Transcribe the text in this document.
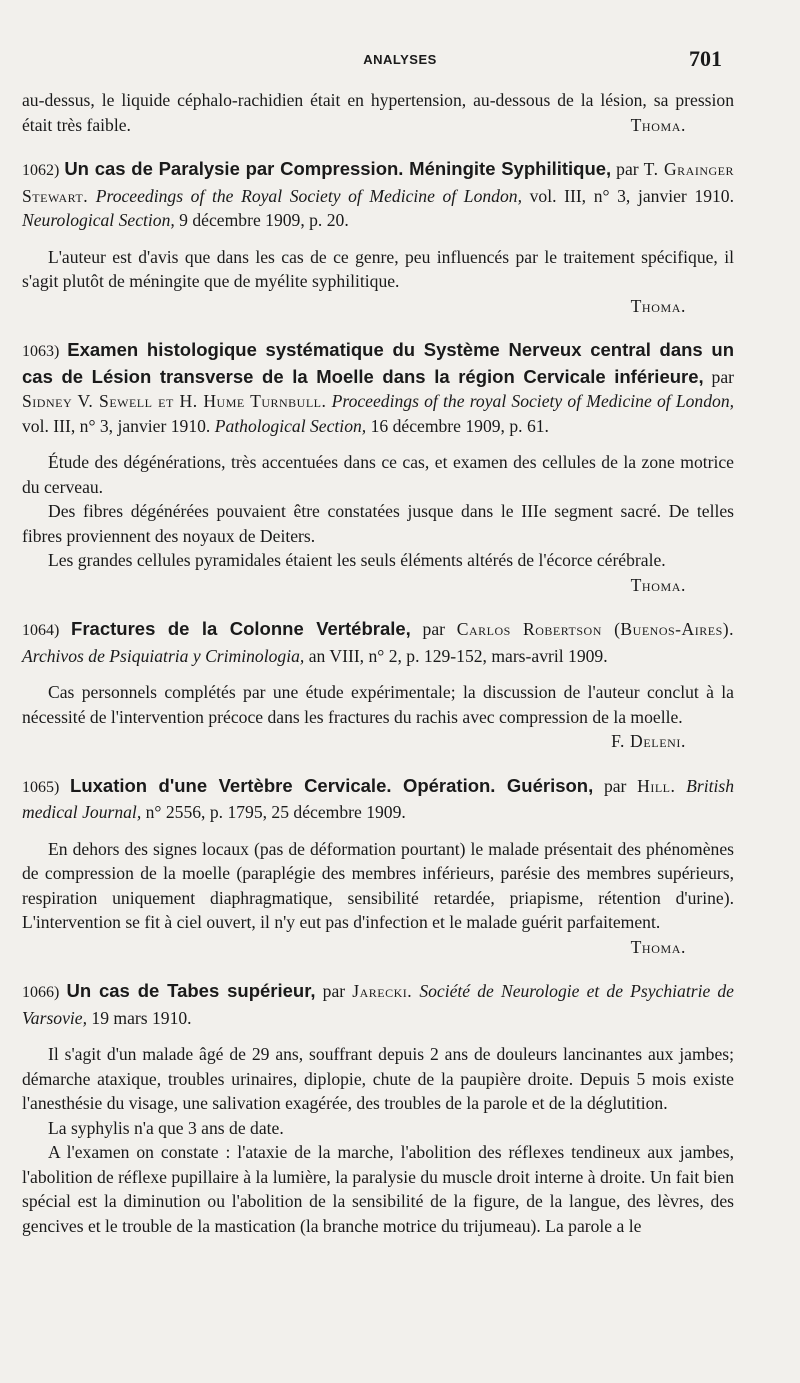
ANALYSES	701

au-dessus, le liquide céphalo-rachidien était en hypertension, au-dessous de la lésion, sa pression était très faible.	Thoma.

1062) Un cas de Paralysie par Compression. Méningite Syphilitique, par T. Grainger Stewart. Proceedings of the Royal Society of Medicine of London, vol. III, n° 3, janvier 1910. Neurological Section, 9 décembre 1909, p. 20.

L'auteur est d'avis que dans les cas de ce genre, peu influencés par le traitement spécifique, il s'agit plutôt de méningite que de myélite syphilitique.

Thoma.

1063) Examen histologique systématique du Système Nerveux central dans un cas de Lésion transverse de la Moelle dans la région Cervicale inférieure, par Sidney V. Sewell et H. Hume Turnbull. Proceedings of the royal Society of Medicine of London, vol. III, n° 3, janvier 1910. Pathological Section, 16 décembre 1909, p. 61.

Étude des dégénérations, très accentuées dans ce cas, et examen des cellules de la zone motrice du cerveau.

Des fibres dégénérées pouvaient être constatées jusque dans le IIIe segment sacré. De telles fibres proviennent des noyaux de Deiters.

Les grandes cellules pyramidales étaient les seuls éléments altérés de l'écorce cérébrale.

Thoma.

1064) Fractures de la Colonne Vertébrale, par Carlos Robertson (Buenos-Aires). Archivos de Psiquiatria y Criminologia, an VIII, n° 2, p. 129-152, mars-avril 1909.

Cas personnels complétés par une étude expérimentale; la discussion de l'auteur conclut à la nécessité de l'intervention précoce dans les fractures du rachis avec compression de la moelle.

F. Deleni.

1065) Luxation d'une Vertèbre Cervicale. Opération. Guérison, par Hill. British medical Journal, n° 2556, p. 1795, 25 décembre 1909.

En dehors des signes locaux (pas de déformation pourtant) le malade présentait des phénomènes de compression de la moelle (paraplégie des membres inférieurs, parésie des membres supérieurs, respiration uniquement diaphragmatique, sensibilité retardée, priapisme, rétention d'urine). L'intervention se fit à ciel ouvert, il n'y eut pas d'infection et le malade guérit parfaitement.

Thoma.

1066) Un cas de Tabes supérieur, par Jarecki. Société de Neurologie et de Psychiatrie de Varsovie, 19 mars 1910.

Il s'agit d'un malade âgé de 29 ans, souffrant depuis 2 ans de douleurs lancinantes aux jambes; démarche ataxique, troubles urinaires, diplopie, chute de la paupière droite. Depuis 5 mois existe l'anesthésie du visage, une salivation exagérée, des troubles de la parole et de la déglutition.

La syphylis n'a que 3 ans de date.

A l'examen on constate : l'ataxie de la marche, l'abolition des réflexes tendineux aux jambes, l'abolition de réflexe pupillaire à la lumière, la paralysie du muscle droit interne à droite. Un fait bien spécial est la diminution ou l'abolition de la sensibilité de la figure, de la langue, des lèvres, des gencives et le trouble de la mastication (la branche motrice du trijumeau). La parole a le
